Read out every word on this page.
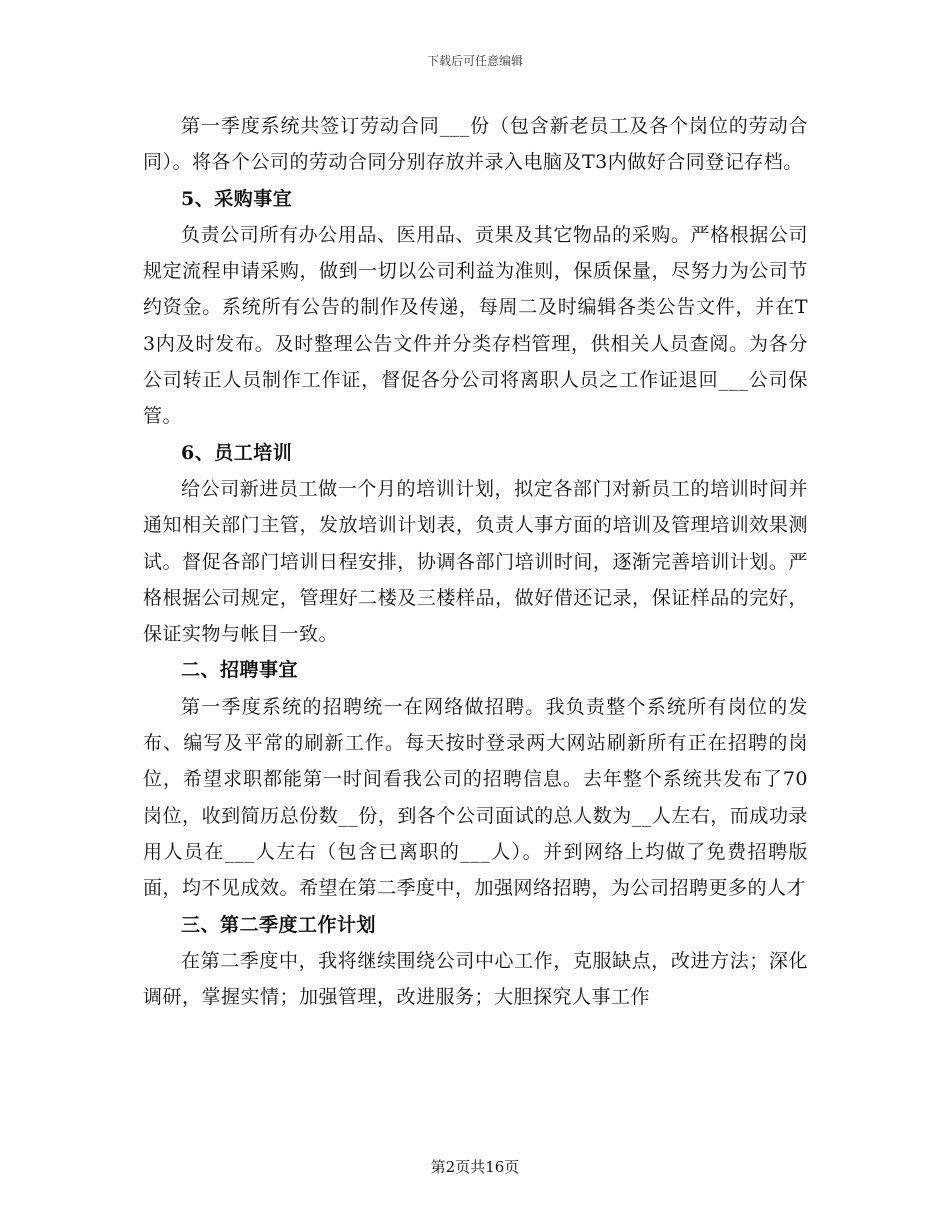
下载后可任意编辑

第一季度系统共签订劳动合同___份（包含新老员工及各个岗位的劳动合同）。将各个公司的劳动合同分别存放并录入电脑及T3内做好合同登记存档。

5、采购事宜

负责公司所有办公用品、医用品、贡果及其它物品的采购。严格根据公司规定流程申请采购，做到一切以公司利益为准则，保质保量，尽努力为公司节约资金。系统所有公告的制作及传递，每周二及时编辑各类公告文件，并在T3内及时发布。及时整理公告文件并分类存档管理，供相关人员查阅。为各分公司转正人员制作工作证，督促各分公司将离职人员之工作证退回___公司保管。

6、员工培训

给公司新进员工做一个月的培训计划，拟定各部门对新员工的培训时间并通知相关部门主管，发放培训计划表，负责人事方面的培训及管理培训效果测试。督促各部门培训日程安排，协调各部门培训时间，逐渐完善培训计划。严格根据公司规定，管理好二楼及三楼样品，做好借还记录，保证样品的完好，保证实物与帐目一致。

二、招聘事宜

第一季度系统的招聘统一在网络做招聘。我负责整个系统所有岗位的发布、编写及平常的刷新工作。每天按时登录两大网站刷新所有正在招聘的岗位，希望求职都能第一时间看我公司的招聘信息。去年整个系统共发布了70岗位，收到简历总份数__份，到各个公司面试的总人数为__人左右，而成功录用人员在___人左右（包含已离职的___人）。并到网络上均做了免费招聘版面，均不见成效。希望在第二季度中，加强网络招聘，为公司招聘更多的人才

三、第二季度工作计划

在第二季度中，我将继续围绕公司中心工作，克服缺点，改进方法；深化调研，掌握实情；加强管理，改进服务；大胆探究人事工作

第2页共16页
